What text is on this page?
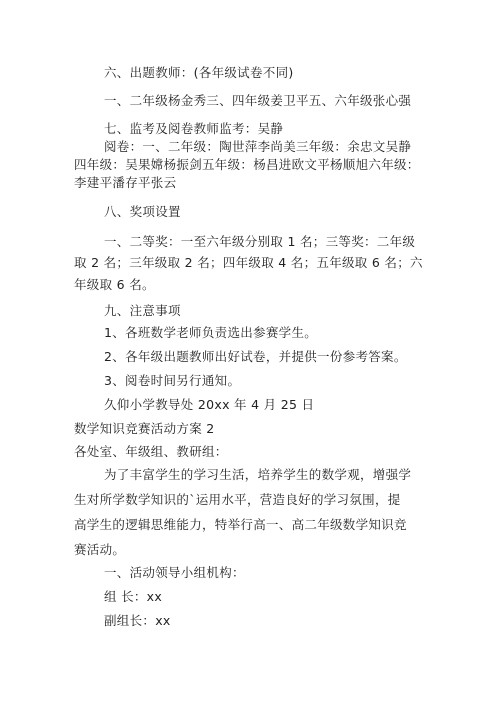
六、出题教师：(各年级试卷不同)
一、二年级杨金秀三、四年级姜卫平五、六年级张心强
七、监考及阅卷教师监考：吴静
阅卷：一、二年级：陶世萍李尚美三年级：余忠文吴静
四年级：吴果嫦杨振剑五年级：杨昌进欧文平杨顺旭六年级：
李建平潘存平张云
八、奖项设置
一、二等奖：一至六年级分别取 1 名；三等奖：二年级
取 2 名；三年级取 2 名；四年级取 4 名；五年级取 6 名；六
年级取 6 名。
九、注意事项
1、各班数学老师负责选出参赛学生。
2、各年级出题教师出好试卷，并提供一份参考答案。
3、阅卷时间另行通知。
久仰小学教导处 20xx 年 4 月 25 日
数学知识竞赛活动方案 2
各处室、年级组、教研组：
为了丰富学生的学习生活，培养学生的数学观，增强学
生对所学数学知识的`运用水平，营造良好的学习氛围，提
高学生的逻辑思维能力，特举行高一、高二年级数学知识竞
赛活动。
一、活动领导小组机构：
组 长：xx
副组长：xx
